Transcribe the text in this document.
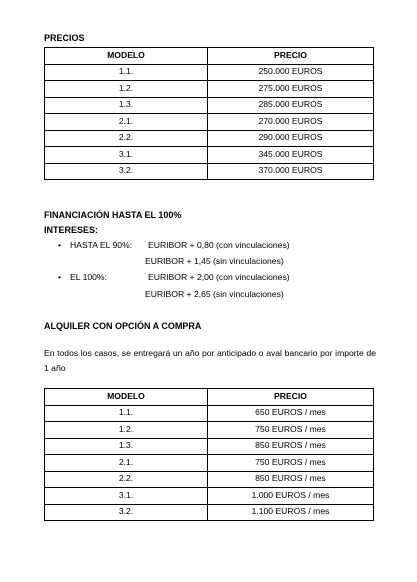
PRECIOS
MODELO	PRECIO
1.1.	250.000 EUROS
1.2.	275.000 EUROS
1.3.	285.000 EUROS
2.1.	270.000 EUROS
2.2.	290.000 EUROS
3.1.	345.000 EUROS
3.2.	370.000 EUROS
FINANCIACIÓN HASTA EL 100%
INTERESES:
• HASTA EL 90%: EURIBOR + 0,80 (con vinculaciones)
EURIBOR + 1,45 (sin vinculaciones)
• EL 100%:	EURIBOR + 2,00 (con vinculaciones)
EURIBOR + 2,65 (sin vinculaciones)
ALQUILER CON OPCIÓN A COMPRA
En todos los casos, se entregará un año por anticipado o aval bancario por importe de 1 año
MODELO	PRECIO
1.1.	650 EUROS / mes
1.2.	750 EUROS / mes
1.3.	850 EUROS / mes
2.1.	750 EUROS / mes
2.2.	850 EUROS / mes
3.1.	1.000 EUROS / mes
3.2.	1.100 EUROS / mes
